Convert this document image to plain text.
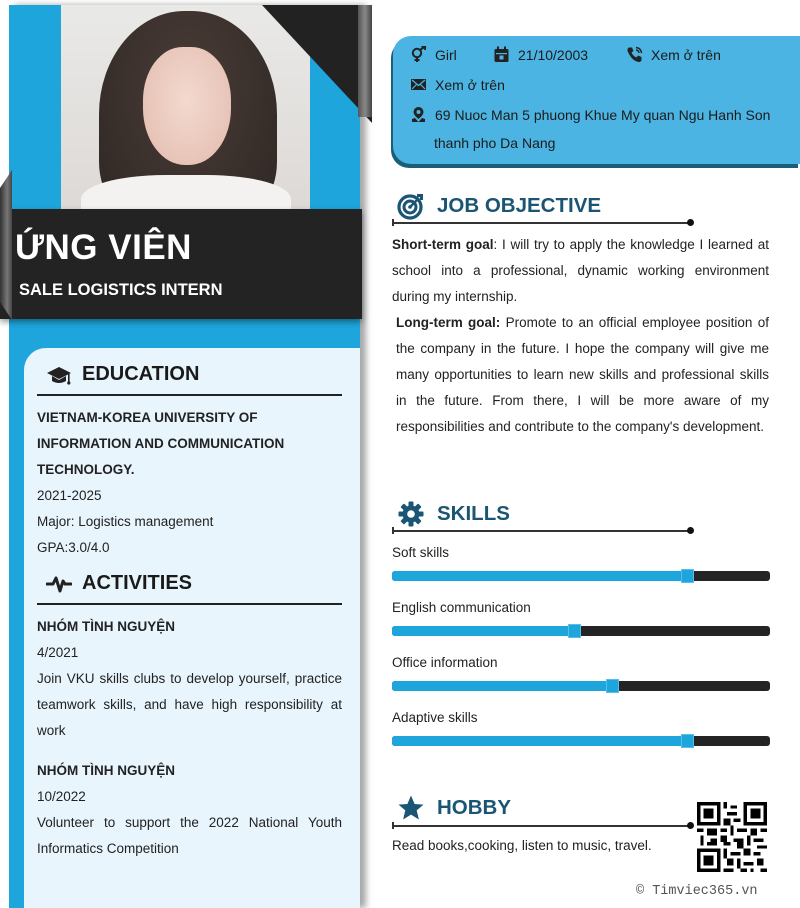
ỨNG VIÊN
SALE LOGISTICS INTERN
EDUCATION
VIETNAM-KOREA UNIVERSITY OF
INFORMATION AND COMMUNICATION
TECHNOLOGY.
2021-2025
Major: Logistics management
GPA:3.0/4.0
ACTIVITIES
NHÓM TÌNH NGUYỆN
4/2021
Join VKU skills clubs to develop yourself, practice teamwork skills, and have high responsibility at work
NHÓM TÌNH NGUYỆN
10/2022
Volunteer to support the 2022 National Youth Informatics Competition
Girl	21/10/2003	Xem ở trên
Xem ở trên
69 Nuoc Man 5 phuong Khue My quan Ngu Hanh Son
thanh pho Da Nang
JOB OBJECTIVE

Short-term goal: I will try to apply the knowledge I learned at school into a professional, dynamic working environment during my internship.

Long-term goal: Promote to an official employee position of the company in the future. I hope the company will give me many opportunities to learn new skills and professional skills in the future. From there, I will be more aware of my responsibilities and contribute to the company's development.

SKILLS
Soft skills
English communication
Office information
Adaptive skills
HOBBY
Read books,cooking, listen to music, travel.
© Timviec365.vn
